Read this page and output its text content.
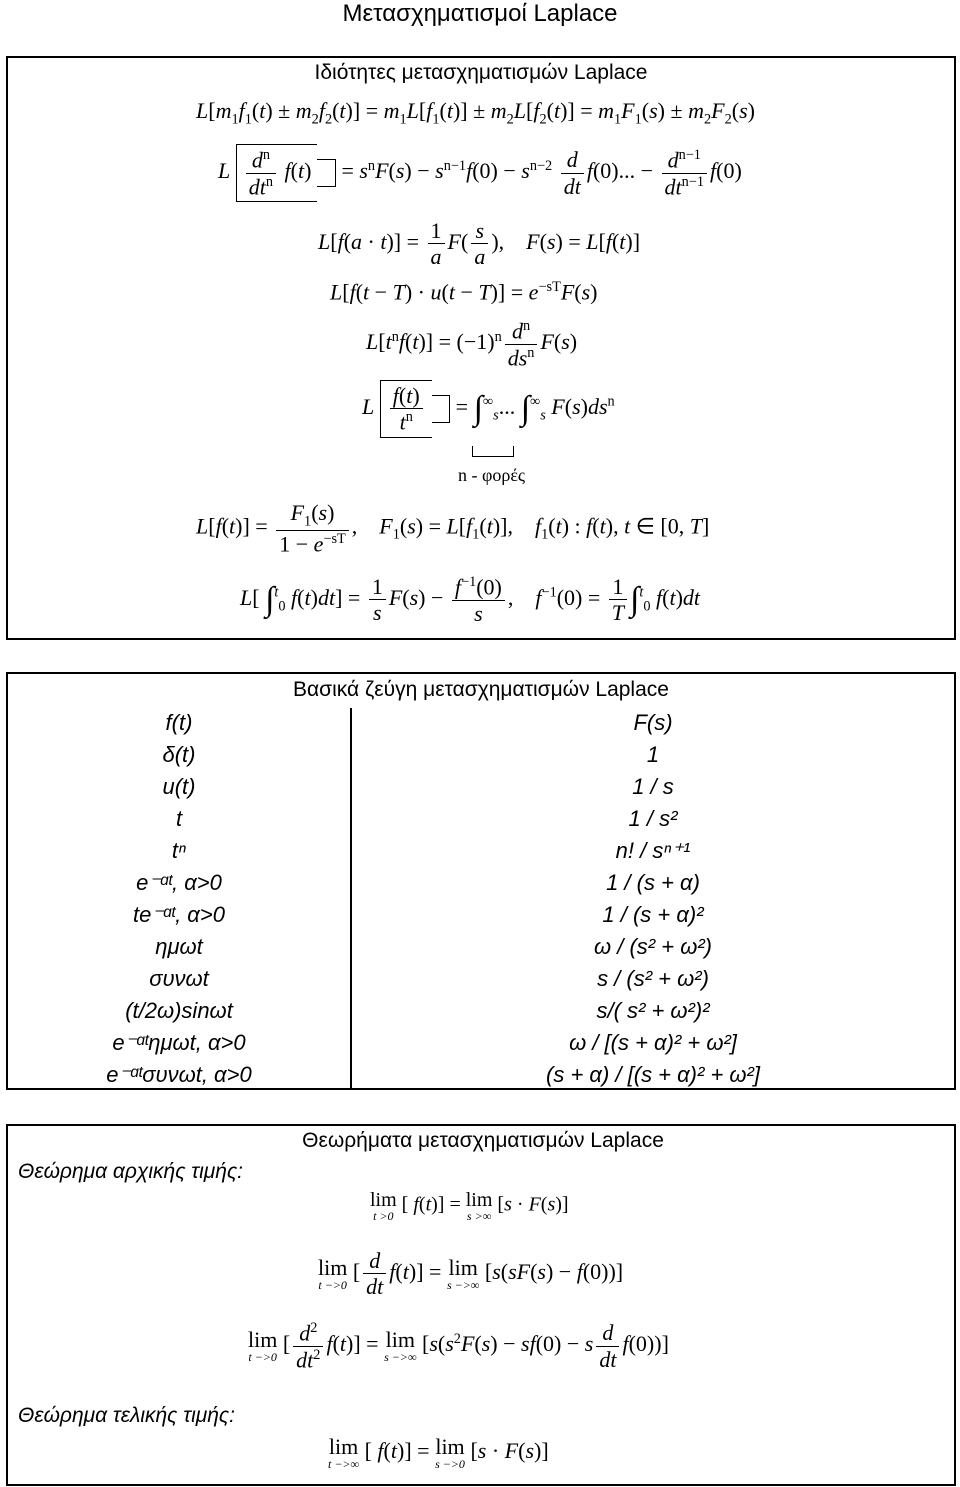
Μετασχηματισμοί Laplace
Ιδιότητες μετασχηματισμών Laplace
$L[m_1f_1(t) \pm m_2f_2(t)] = m_1L[f_1(t)] \pm m_2L[f_2(t)] = m_1F_1(s) \pm m_2F_2(s)$
L $\frac{d^n}{dt^n} f(t) = s^nF(s) - s^{n-1}f(0) - s^{n-2} \frac{d}{dt} f(0)$... − $\frac{d^{n-1}}{dt^{n-1}} f(0)$
$L[f(a \cdot t)] = \frac{1}{a} F( \frac{s}{a}$ ),    F(s) = L[f(t)]
$L[f(t - T) \cdot u(t - T)] = e^{-sT}F(s)$
$L[t^nf(t)] = (-1)^n \frac{d^n}{ds^n} F(s)$
L $\frac{f(t)}{t^n} = \int^\infty_s$... $\int^\infty_s$ $F(s)ds^n$
n - φορές
$L[f(t)] = \frac{F_1(s)}{1 - e^{-sT}}$ ,    $F_1(s) = L[f_1(t)]$,    $f_1(t)$ : f(t), t ∈ [0, T]
L[ ∫$^t_0$ $f(t)dt] = \frac{1}{s} F(s) - \frac{f^{-1}(0)}{s}$ ,    $f^{-1}(0) = \frac{1}{T} \int^t_0$ f(t)dt
Βασικά ζεύγη μετασχηματισμών Laplace
f(t)	F(s)
δ(t)	1
u(t)	1 / s
t	1 / s²
tⁿ	n! / sⁿ⁺¹
e⁻ᵅᵗ, α>0	1 / (s + α)
te⁻ᵅᵗ, α>0	1 / (s + α)²
ημωt	ω / (s² + ω²)
συνωt	s / (s² + ω²)
(t/2ω)sinωt	s/( s² + ω²)²
e⁻ᵅᵗημωt, α>0	ω / [(s + α)² + ω²]
e⁻ᵅᵗσυνωt, α>0	(s + α) / [(s + α)² + ω²]
Θεωρήματα μετασχηματισμών Laplace
Θεώρημα αρχικής τιμής:
lim
t >0
[ f(t)] = lim
s >∞
[s · F(s)]
lim
t −>0
[ $\frac{d}{dt} f(t)] = \lim$
s −>∞
[s(sF(s) − f(0))]
lim
t −>0
[ $\frac{d^2}{dt^2} f(t)] = \lim$
s −>∞
$[s(s^2F(s) - sf(0) - s \frac{d}{dt} f(0))]$
Θεώρημα τελικής τιμής:
lim
t −>∞
[ f(t)] = lim
s −>0
[s · F(s)]
